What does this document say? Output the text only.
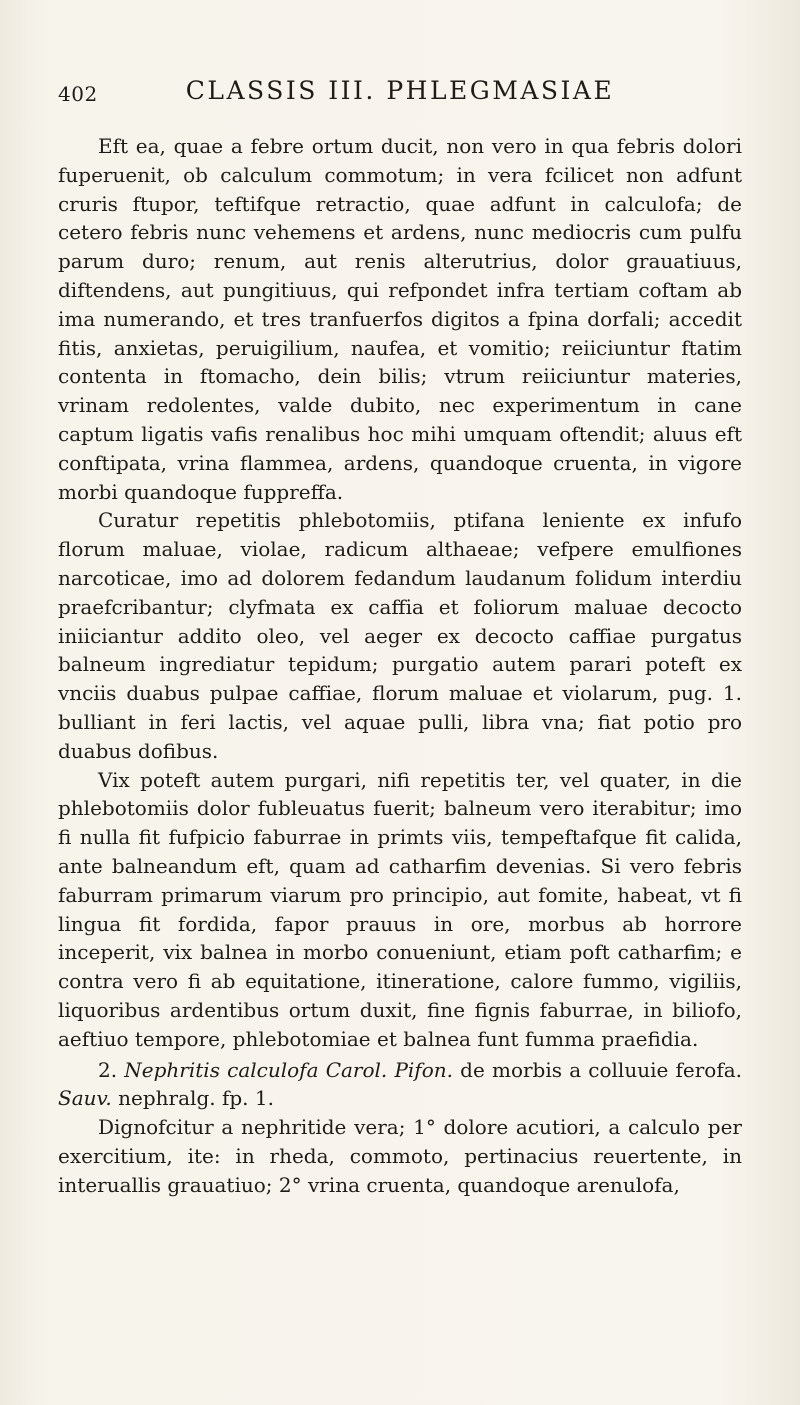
402	CLASSIS III. PHLEGMASIAE

Eft ea, quae a febre ortum ducit, non vero in qua febris dolori fuperuenit, ob calculum commotum; in vera fcilicet non adfunt cruris ftupor, teftifque retractio, quae adfunt in calculofa; de cetero febris nunc vehemens et ardens, nunc mediocris cum pulfu parum duro; renum, aut renis alterutrius, dolor grauatiuus, diftendens, aut pungitiuus, qui refpondet infra tertiam coftam ab ima numerando, et tres tranfuerfos digitos a fpina dorfali; accedit fitis, anxietas, peruigilium, naufea, et vomitio; reiiciuntur ftatim contenta in ftomacho, dein bilis; vtrum reiiciuntur materies, vrinam redolentes, valde dubito, nec experimentum in cane captum ligatis vafis renalibus hoc mihi umquam oftendit; aluus eft conftipata, vrina flammea, ardens, quandoque cruenta, in vigore morbi quandoque fuppreffa.

Curatur repetitis phlebotomiis, ptifana leniente ex infufo florum maluae, violae, radicum althaeae; vefpere emulfiones narcoticae, imo ad dolorem fedandum laudanum folidum interdiu praefcribantur; clyfmata ex caffia et foliorum maluae decocto iniiciantur addito oleo, vel aeger ex decocto caffiae purgatus balneum ingrediatur tepidum; purgatio autem parari poteft ex vnciis duabus pulpae caffiae, florum maluae et violarum, pug. 1. bulliant in feri lactis, vel aquae pulli, libra vna; fiat potio pro duabus dofibus.

Vix poteft autem purgari, nifi repetitis ter, vel quater, in die phlebotomiis dolor fubleuatus fuerit; balneum vero iterabitur; imo fi nulla fit fufpicio faburrae in primts viis, tempeftafque fit calida, ante balneandum eft, quam ad catharfim devenias. Si vero febris faburram primarum viarum pro principio, aut fomite, habeat, vt fi lingua fit fordida, fapor prauus in ore, morbus ab horrore inceperit, vix balnea in morbo conueniunt, etiam poft catharfim; e contra vero fi ab equitatione, itineratione, calore fummo, vigiliis, liquoribus ardentibus ortum duxit, fine fignis faburrae, in biliofo, aeftiuo tempore, phlebotomiae et balnea funt fumma praefidia.

2. Nephritis calculofa Carol. Pifon. de morbis a colluuie ferofa. Sauv. nephralg. fp. 1.

Dignofcitur a nephritide vera; 1° dolore acutiori, a calculo per exercitium, ite: in rheda, commoto, pertinacius reuertente, in interuallis grauatiuo; 2° vrina cruenta, quandoque arenulofa,
